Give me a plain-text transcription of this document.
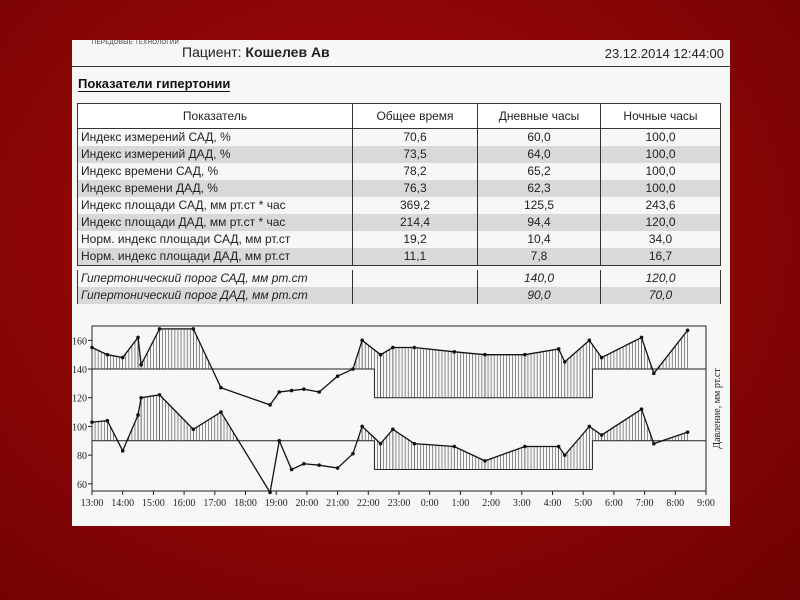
ПЕРЕДОВЫЕ ТЕХНОЛОГИИ
Пациент: Кошелев Ав	23.12.2014 12:44:00
Показатели гипертонии
Показатель	Общее время	Дневные часы	Ночные часы
Индекс измерений САД, %	70,6	60,0	100,0
Индекс измерений ДАД, %	73,5	64,0	100,0
Индекс времени САД, %	78,2	65,2	100,0
Индекс времени ДАД, %	76,3	62,3	100,0
Индекс площади САД, мм рт.ст * час	369,2	125,5	243,6
Индекс площади ДАД, мм рт.ст * час	214,4	94,4	120,0
Норм. индекс площади САД, мм рт.ст	19,2	10,4	34,0
Норм. индекс площади ДАД, мм рт.ст	11,1	7,8	16,7

Гипертонический порог САД, мм рт.ст		140,0	120,0
Гипертонический порог ДАД, мм рт.ст		90,0	70,0
60
80
100
120
140
160
13:00 14:00 15:00 16:00 17:00 18:00 19:00 20:00 21:00 22:00 23:00 0:00 1:00 2:00 3:00 4:00 5:00 6:00 7:00 8:00 9:00
Давление, мм рт.ст
